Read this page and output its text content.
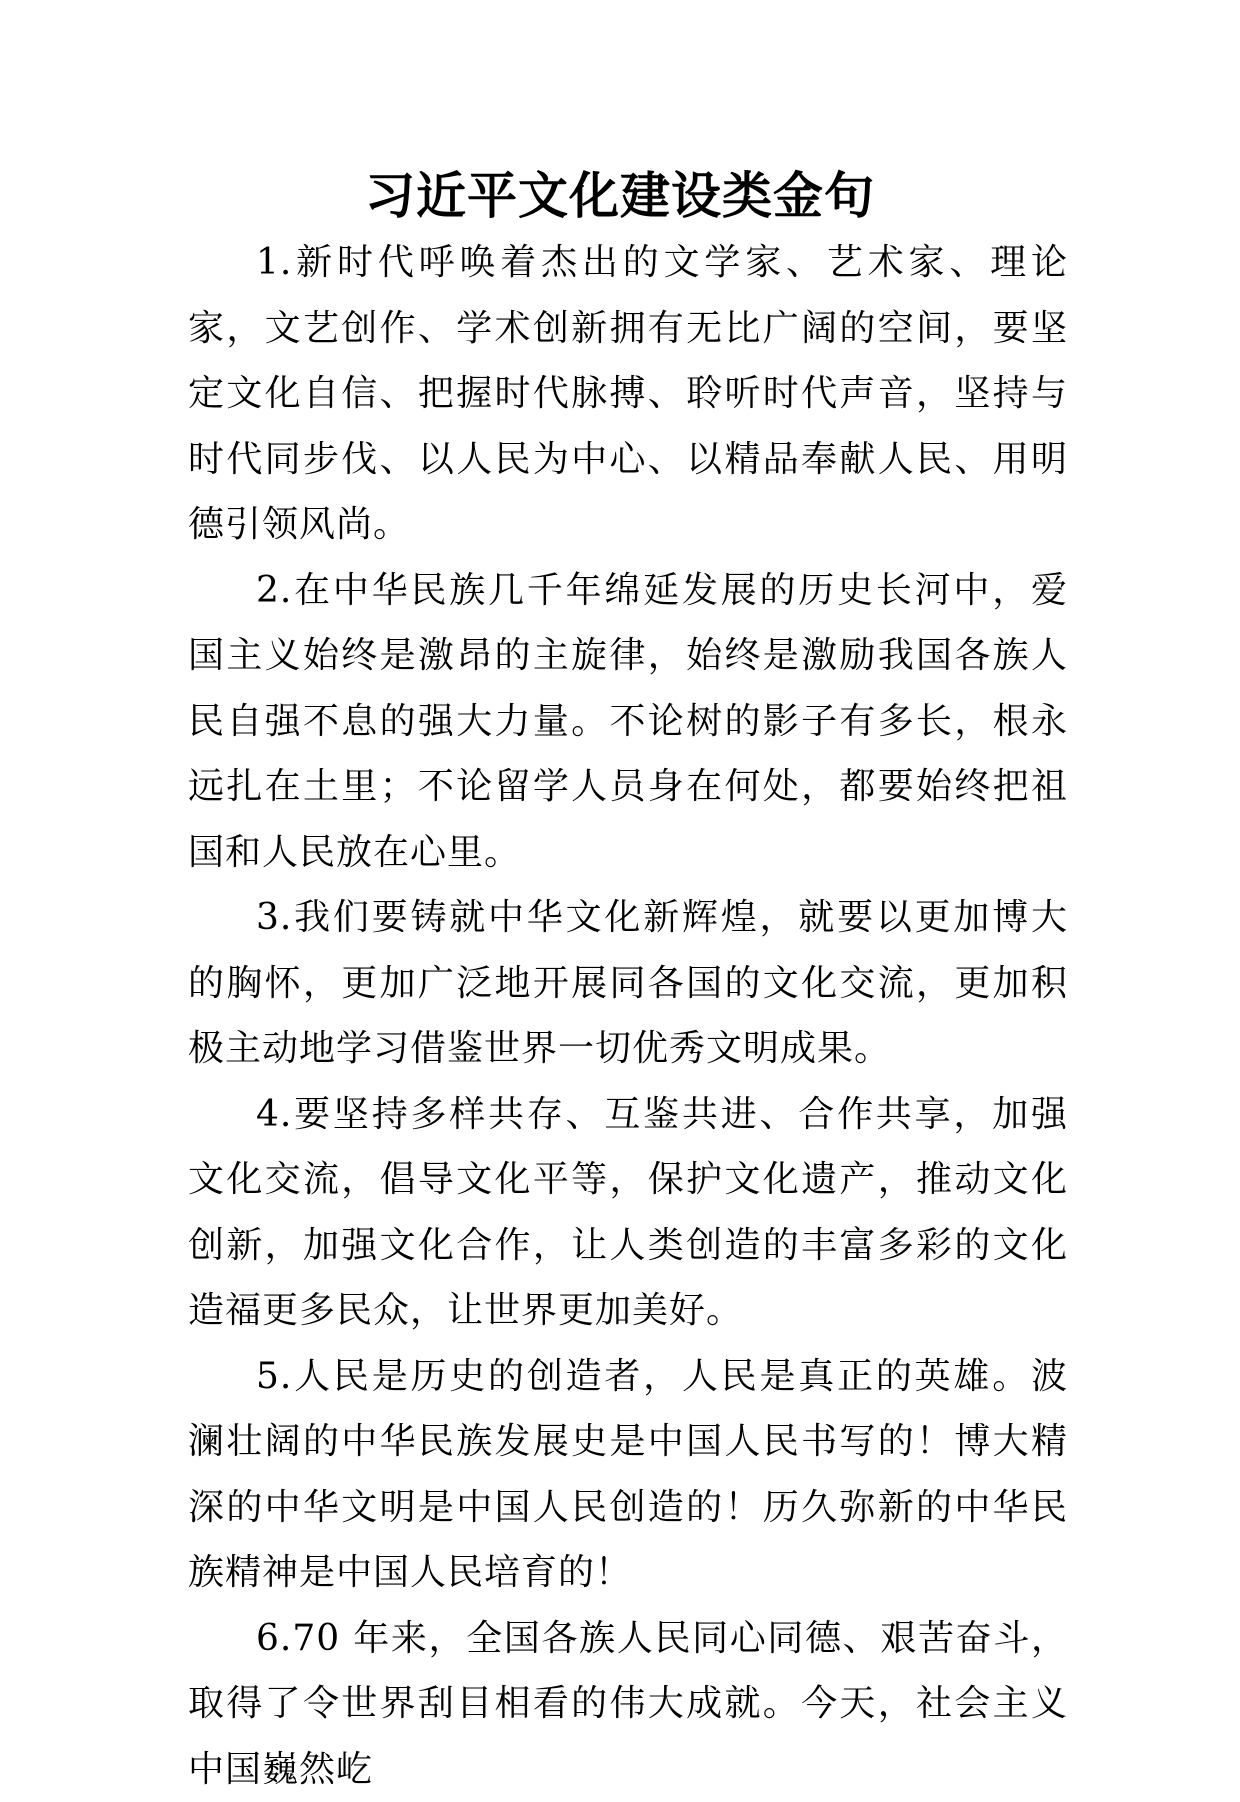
习近平文化建设类金句

1.新时代呼唤着杰出的文学家、艺术家、理论家，文艺创作、学术创新拥有无比广阔的空间，要坚定文化自信、把握时代脉搏、聆听时代声音，坚持与时代同步伐、以人民为中心、以精品奉献人民、用明德引领风尚。

2.在中华民族几千年绵延发展的历史长河中，爱国主义始终是激昂的主旋律，始终是激励我国各族人民自强不息的强大力量。不论树的影子有多长，根永远扎在土里；不论留学人员身在何处，都要始终把祖国和人民放在心里。

3.我们要铸就中华文化新辉煌，就要以更加博大的胸怀，更加广泛地开展同各国的文化交流，更加积极主动地学习借鉴世界一切优秀文明成果。

4.要坚持多样共存、互鉴共进、合作共享，加强文化交流，倡导文化平等，保护文化遗产，推动文化创新，加强文化合作，让人类创造的丰富多彩的文化造福更多民众，让世界更加美好。

5.人民是历史的创造者，人民是真正的英雄。波澜壮阔的中华民族发展史是中国人民书写的！博大精深的中华文明是中国人民创造的！历久弥新的中华民族精神是中国人民培育的！

6.70 年来，全国各族人民同心同德、艰苦奋斗，取得了令世界刮目相看的伟大成就。今天，社会主义中国巍然屹
